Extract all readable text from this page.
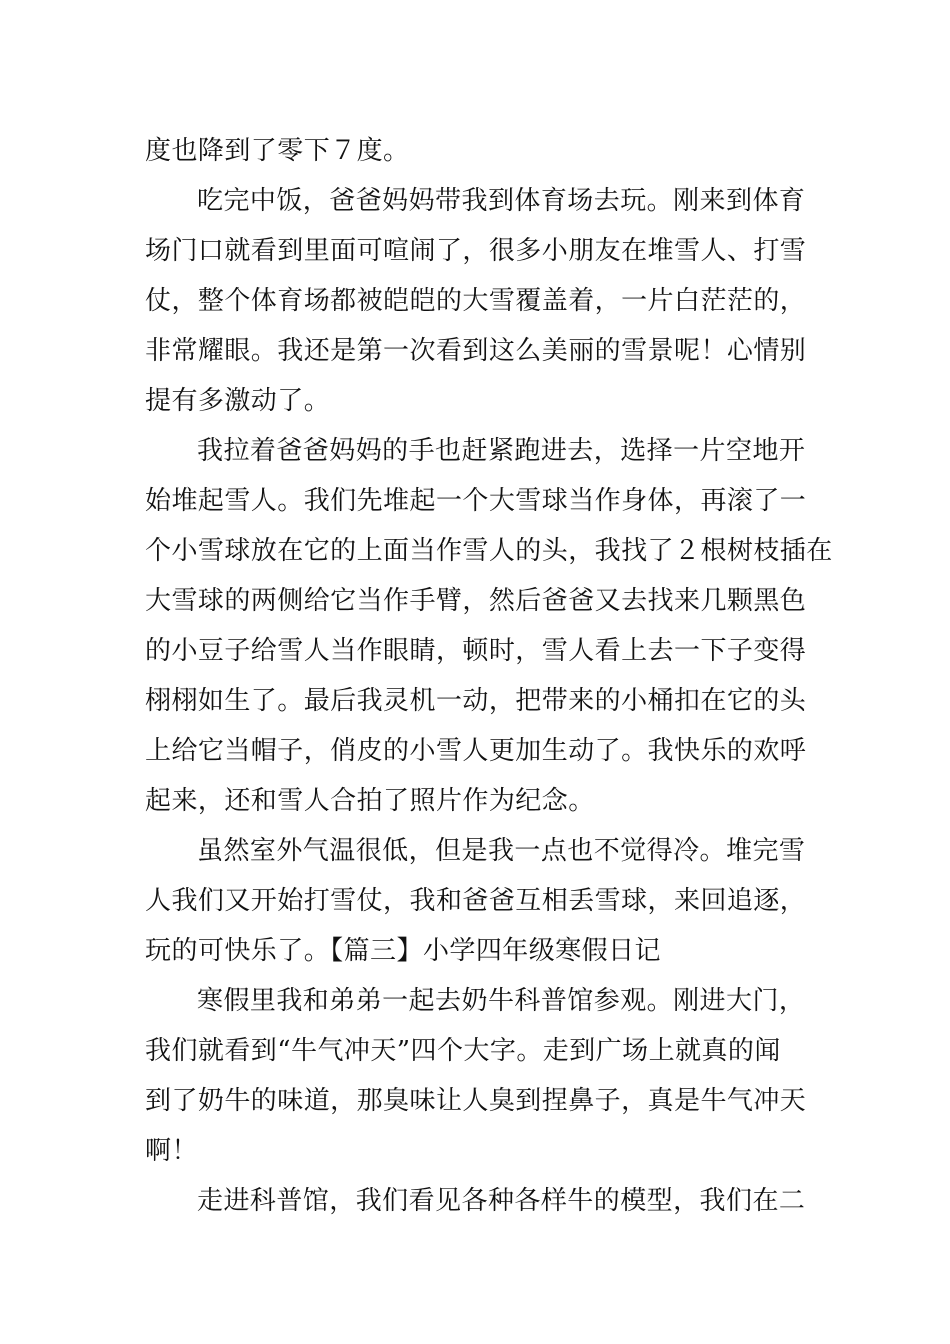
度也降到了零下７度。
吃完中饭，爸爸妈妈带我到体育场去玩。刚来到体育
场门口就看到里面可喧闹了，很多小朋友在堆雪人、打雪
仗，整个体育场都被皑皑的大雪覆盖着，一片白茫茫的，
非常耀眼。我还是第一次看到这么美丽的雪景呢！心情别
提有多激动了。
我拉着爸爸妈妈的手也赶紧跑进去，选择一片空地开
始堆起雪人。我们先堆起一个大雪球当作身体，再滚了一
个小雪球放在它的上面当作雪人的头，我找了２根树枝插在
大雪球的两侧给它当作手臂，然后爸爸又去找来几颗黑色
的小豆子给雪人当作眼睛，顿时，雪人看上去一下子变得
栩栩如生了。最后我灵机一动，把带来的小桶扣在它的头
上给它当帽子，俏皮的小雪人更加生动了。我快乐的欢呼
起来，还和雪人合拍了照片作为纪念。
虽然室外气温很低，但是我一点也不觉得冷。堆完雪
人我们又开始打雪仗，我和爸爸互相丢雪球，来回追逐，
玩的可快乐了。【篇三】小学四年级寒假日记
寒假里我和弟弟一起去奶牛科普馆参观。刚进大门，
我们就看到“牛气冲天”四个大字。走到广场上就真的闻
到了奶牛的味道，那臭味让人臭到捏鼻子，真是牛气冲天
啊！
走进科普馆，我们看见各种各样牛的模型，我们在二
